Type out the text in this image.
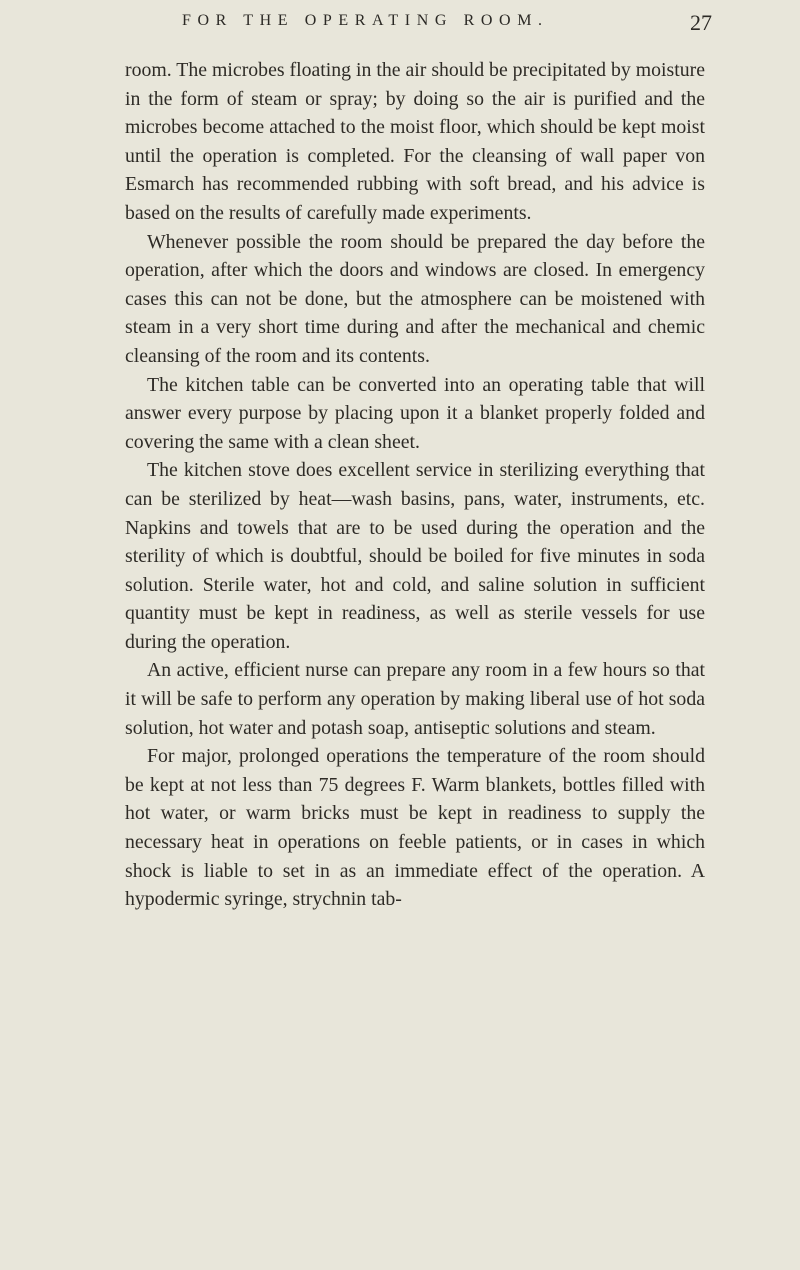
FOR THE OPERATING ROOM.	27

room. The microbes floating in the air should be precipitated by moisture in the form of steam or spray; by doing so the air is purified and the microbes become attached to the moist floor, which should be kept moist until the operation is completed. For the cleansing of wall paper von Esmarch has recommended rubbing with soft bread, and his advice is based on the results of carefully made experiments.

Whenever possible the room should be prepared the day before the operation, after which the doors and windows are closed. In emergency cases this can not be done, but the atmosphere can be moistened with steam in a very short time during and after the mechanical and chemic cleansing of the room and its contents.

The kitchen table can be converted into an operating table that will answer every purpose by placing upon it a blanket properly folded and covering the same with a clean sheet.

The kitchen stove does excellent service in sterilizing everything that can be sterilized by heat—wash basins, pans, water, instruments, etc. Napkins and towels that are to be used during the operation and the sterility of which is doubtful, should be boiled for five minutes in soda solution. Sterile water, hot and cold, and saline solution in sufficient quantity must be kept in readiness, as well as sterile vessels for use during the operation.

An active, efficient nurse can prepare any room in a few hours so that it will be safe to perform any operation by making liberal use of hot soda solution, hot water and potash soap, antiseptic solutions and steam.

For major, prolonged operations the temperature of the room should be kept at not less than 75 degrees F. Warm blankets, bottles filled with hot water, or warm bricks must be kept in readiness to supply the necessary heat in operations on feeble patients, or in cases in which shock is liable to set in as an immediate effect of the operation. A hypodermic syringe, strychnin tab-
